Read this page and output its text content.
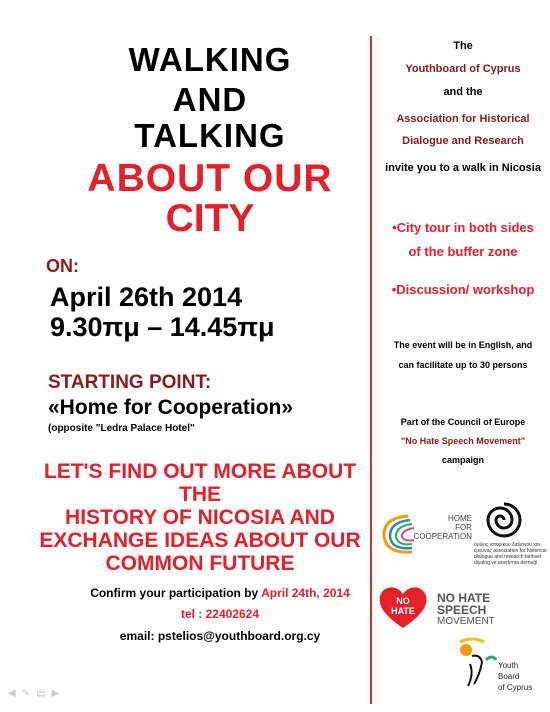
WALKING
AND
TALKING
ABOUT OUR
CITY
ON:
April 26th 2014
9.30πμ – 14.45πμ
STARTING POINT:
«Home for Cooperation»
(opposite "Ledra Palace Hotel"
LET'S FIND OUT MORE ABOUT THE
HISTORY OF NICOSIA AND
EXCHANGE IDEAS ABOUT OUR
COMMON FUTURE
Confirm your participation by April 24th, 2014
tel : 22402624
email: pstelios@youthboard.org.cy
The
Youthboard of Cyprus
and the
Association for Historical
Dialogue and Research
invite you to a walk in Nicosia
•City tour in both sides
of the buffer zone
•Discussion/ workshop
The event will be in English, and
can facilitate up to 30 persons
Part of the Council of Europe
"No Hate Speech Movement"
campaign
HOME
FOR
COOPERATION
όμιλος ιστορικού διαλόγου και έρευνας association for historical dialogue and research tarihsel diyalog ve araştırma derneği
NO
HATE
NO HATE
SPEECH
MOVEMENT
Youth
Board
of Cyprus
◀✎▤▶
